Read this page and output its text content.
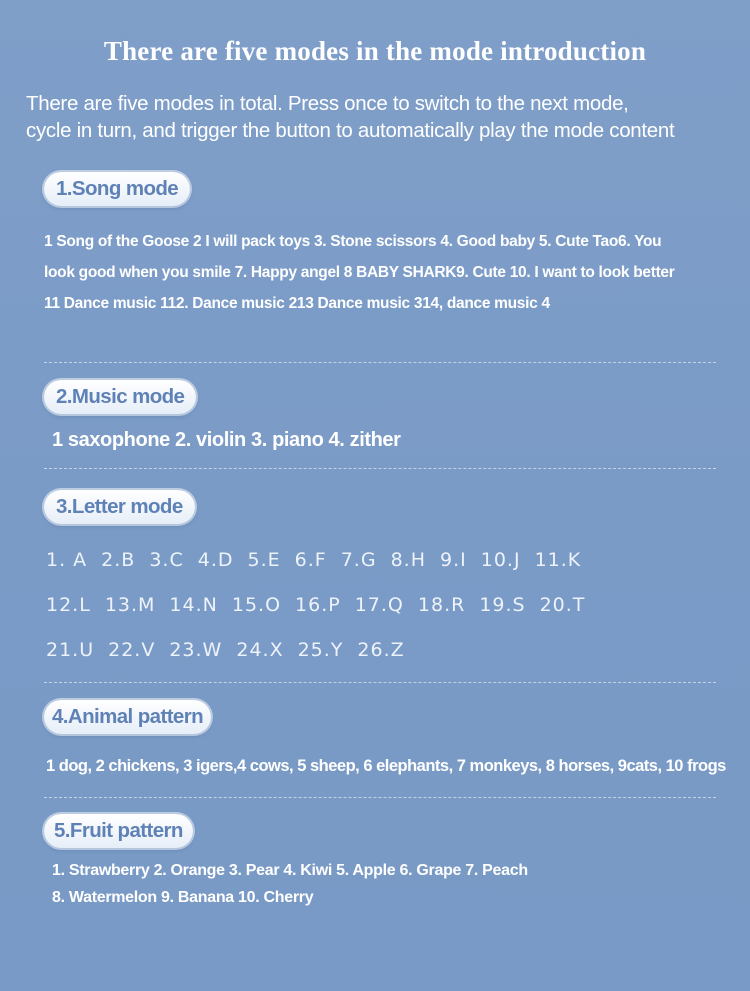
There are five modes in the mode introduction
There are five modes in total. Press once to switch to the next mode,
cycle in turn, and trigger the button to automatically play the mode content
1.Song mode
1 Song of the Goose 2 I will pack toys 3. Stone scissors 4. Good baby 5. Cute Tao6. You
look good when you smile 7. Happy angel 8 BABY SHARK9. Cute 10. I want to look better
11 Dance music 112. Dance music 213 Dance music 314, dance music 4
2.Music mode
1 saxophone 2. violin 3. piano 4. zither
3.Letter mode
1. A 2.B 3.C 4.D 5.E 6.F 7.G 8.H 9.I 10.J 11.K
12.L 13.M 14.N 15.O 16.P 17.Q 18.R 19.S 20.T
21.U 22.V 23.W 24.X 25.Y 26.Z
4.Animal pattern
1 dog, 2 chickens, 3 igers,4 cows, 5 sheep, 6 elephants, 7 monkeys, 8 horses, 9cats, 10 frogs
5.Fruit pattern
1. Strawberry 2. Orange 3. Pear 4. Kiwi 5. Apple 6. Grape 7. Peach
8. Watermelon 9. Banana 10. Cherry
